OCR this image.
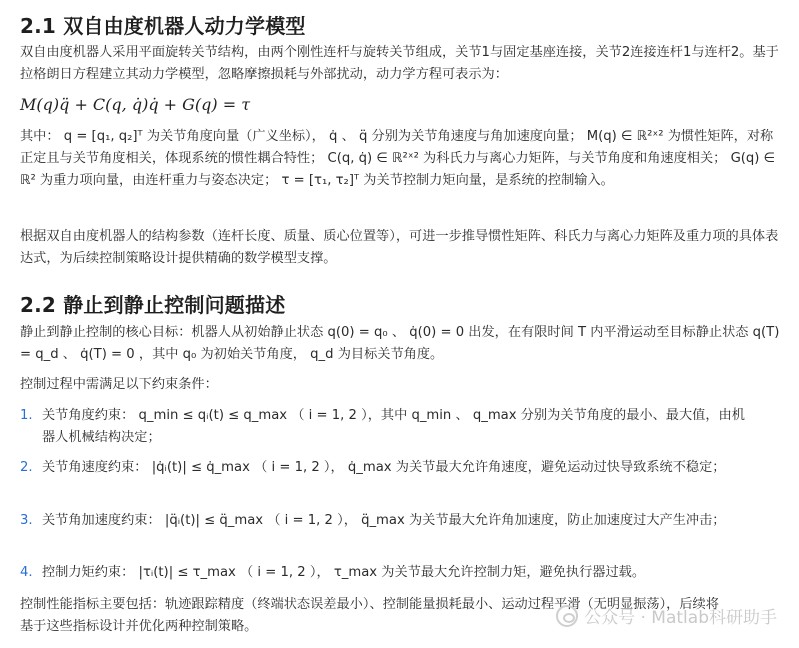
2.1 双自由度机器人动力学模型

双自由度机器人采用平面旋转关节结构，由两个刚性连杆与旋转关节组成，关节1与固定基座连接，关节2连接连杆1与连杆2。基于拉格朗日方程建立其动力学模型，忽略摩擦损耗与外部扰动，动力学方程可表示为：

M(q)q̈ + C(q, q̇)q̇ + G(q) = τ

其中： q = [q₁, q₂]ᵀ 为关节角度向量（广义坐标）， q̇ 、 q̈ 分别为关节角速度与角加速度向量； M(q) ∈ ℝ²ˣ² 为惯性矩阵，对称正定且与关节角度相关，体现系统的惯性耦合特性； C(q, q̇) ∈ ℝ²ˣ² 为科氏力与离心力矩阵，与关节角度和角速度相关； G(q) ∈ ℝ² 为重力项向量，由连杆重力与姿态决定； τ = [τ₁, τ₂]ᵀ 为关节控制力矩向量，是系统的控制输入。

根据双自由度机器人的结构参数（连杆长度、质量、质心位置等），可进一步推导惯性矩阵、科氏力与离心力矩阵及重力项的具体表达式，为后续控制策略设计提供精确的数学模型支撑。

2.2 静止到静止控制问题描述

静止到静止控制的核心目标：机器人从初始静止状态 q(0) = q₀ 、 q̇(0) = 0 出发，在有限时间 T 内平滑运动至目标静止状态 q(T) = q_d 、 q̇(T) = 0 ，其中 q₀ 为初始关节角度， q_d 为目标关节角度。

控制过程中需满足以下约束条件：

1. 关节角度约束： q_min ≤ qᵢ(t) ≤ q_max （ i = 1, 2 ），其中 q_min 、 q_max 分别为关节角度的最小、最大值，由机器人机械结构决定；
2. 关节角速度约束： |q̇ᵢ(t)| ≤ q̇_max （ i = 1, 2 ）， q̇_max 为关节最大允许角速度，避免运动过快导致系统不稳定；
3. 关节角加速度约束： |q̈ᵢ(t)| ≤ q̈_max （ i = 1, 2 ）， q̈_max 为关节最大允许角加速度，防止加速度过大产生冲击；
4. 控制力矩约束： |τᵢ(t)| ≤ τ_max （ i = 1, 2 ）， τ_max 为关节最大允许控制力矩，避免执行器过载。

控制性能指标主要包括：轨迹跟踪精度（终端状态误差最小）、控制能量损耗最小、运动过程平滑（无明显振荡），后续将基于这些指标设计并优化两种控制策略。	公众号 · Matlab科研助手
